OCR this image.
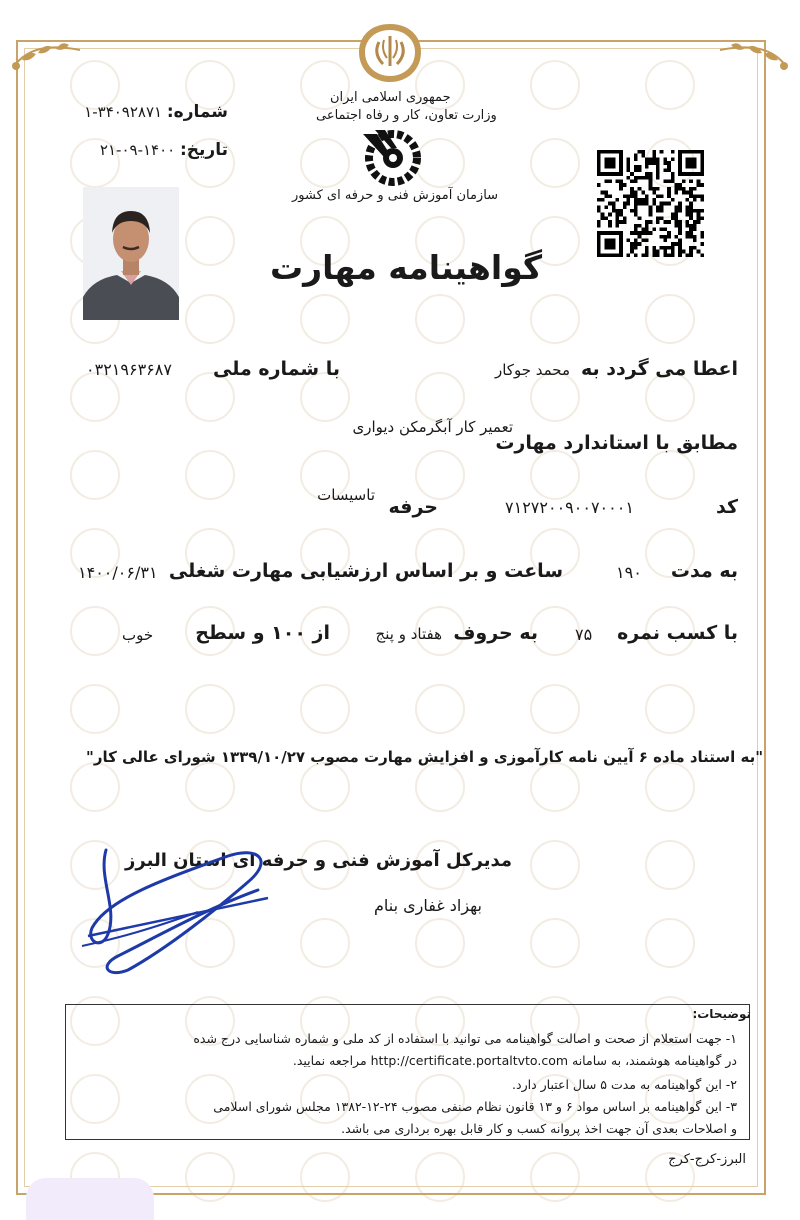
جمهوری اسلامی ایران
وزارت تعاون، کار و رفاه اجتماعی
سازمان آموزش فنی و حرفه ای کشور
شماره: ۳۴۰۹۲۸۷۱-۱
تاریخ: ۱۴۰۰-۰۹-۲۱
گواهینامه مهارت
اعطا می گردد به
محمد جوکار
با شماره ملی
۰۳۲۱۹۶۳۶۸۷
تعمیر کار آبگرمکن دیواری
مطابق با استاندارد مهارت
تاسیسات
کد
۷۱۲۷۲۰۰۹۰۰۷۰۰۰۱
حرفه
به مدت
۱۹۰
ساعت و بر اساس ارزشیابی مهارت شغلی
۱۴۰۰/۰۶/۳۱
با کسب نمره
۷۵
به حروف
هفتاد و پنج
از ۱۰۰ و سطح
خوب
"به استناد ماده ۶ آیین نامه کارآموزی و افزایش مهارت مصوب ۱۳۳۹/۱۰/۲۷ شورای عالی کار"
مدیرکل آموزش فنی و حرفه ای استان البرز
بهزاد غفاری بنام
توضیحات:
۱- جهت استعلام از صحت و اصالت گواهینامه می توانید با استفاده از کد ملی و شماره شناسایی درج شده
در گواهینامه هوشمند، به سامانه http://certificate.portaltvto.com مراجعه نمایید.
۲- این گواهینامه به مدت ۵ سال اعتبار دارد.
۳- این گواهینامه بر اساس مواد ۶ و ۱۳ قانون نظام صنفی مصوب ۲۴-۱۲-۱۳۸۲ مجلس شورای اسلامی
و اصلاحات بعدی آن جهت اخذ پروانه کسب و کار قابل بهره برداری می باشد.
البرز-کرج-کرج
